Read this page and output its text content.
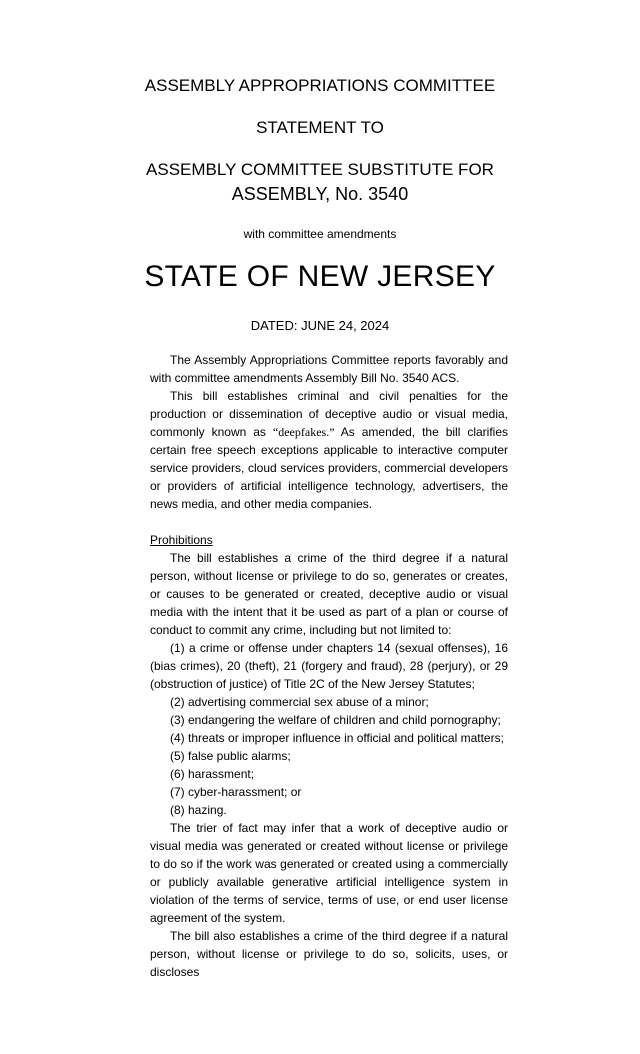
ASSEMBLY APPROPRIATIONS COMMITTEE
STATEMENT TO
ASSEMBLY COMMITTEE SUBSTITUTE FOR
ASSEMBLY, No. 3540
with committee amendments
STATE OF NEW JERSEY
DATED: JUNE 24, 2024

The Assembly Appropriations Committee reports favorably and with committee amendments Assembly Bill No. 3540 ACS.

This bill establishes criminal and civil penalties for the production or dissemination of deceptive audio or visual media, commonly known as “deepfakes.” As amended, the bill clarifies certain free speech exceptions applicable to interactive computer service providers, cloud services providers, commercial developers or providers of artificial intelligence technology, advertisers, the news media, and other media companies.

Prohibitions

The bill establishes a crime of the third degree if a natural person, without license or privilege to do so, generates or creates, or causes to be generated or created, deceptive audio or visual media with the intent that it be used as part of a plan or course of conduct to commit any crime, including but not limited to:

(1) a crime or offense under chapters 14 (sexual offenses), 16 (bias crimes), 20 (theft), 21 (forgery and fraud), 28 (perjury), or 29 (obstruction of justice) of Title 2C of the New Jersey Statutes;

(2) advertising commercial sex abuse of a minor;

(3) endangering the welfare of children and child pornography;

(4) threats or improper influence in official and political matters;

(5) false public alarms;

(6) harassment;

(7) cyber-harassment; or

(8) hazing.

The trier of fact may infer that a work of deceptive audio or visual media was generated or created without license or privilege to do so if the work was generated or created using a commercially or publicly available generative artificial intelligence system in violation of the terms of service, terms of use, or end user license agreement of the system.

The bill also establishes a crime of the third degree if a natural person, without license or privilege to do so, solicits, uses, or discloses
